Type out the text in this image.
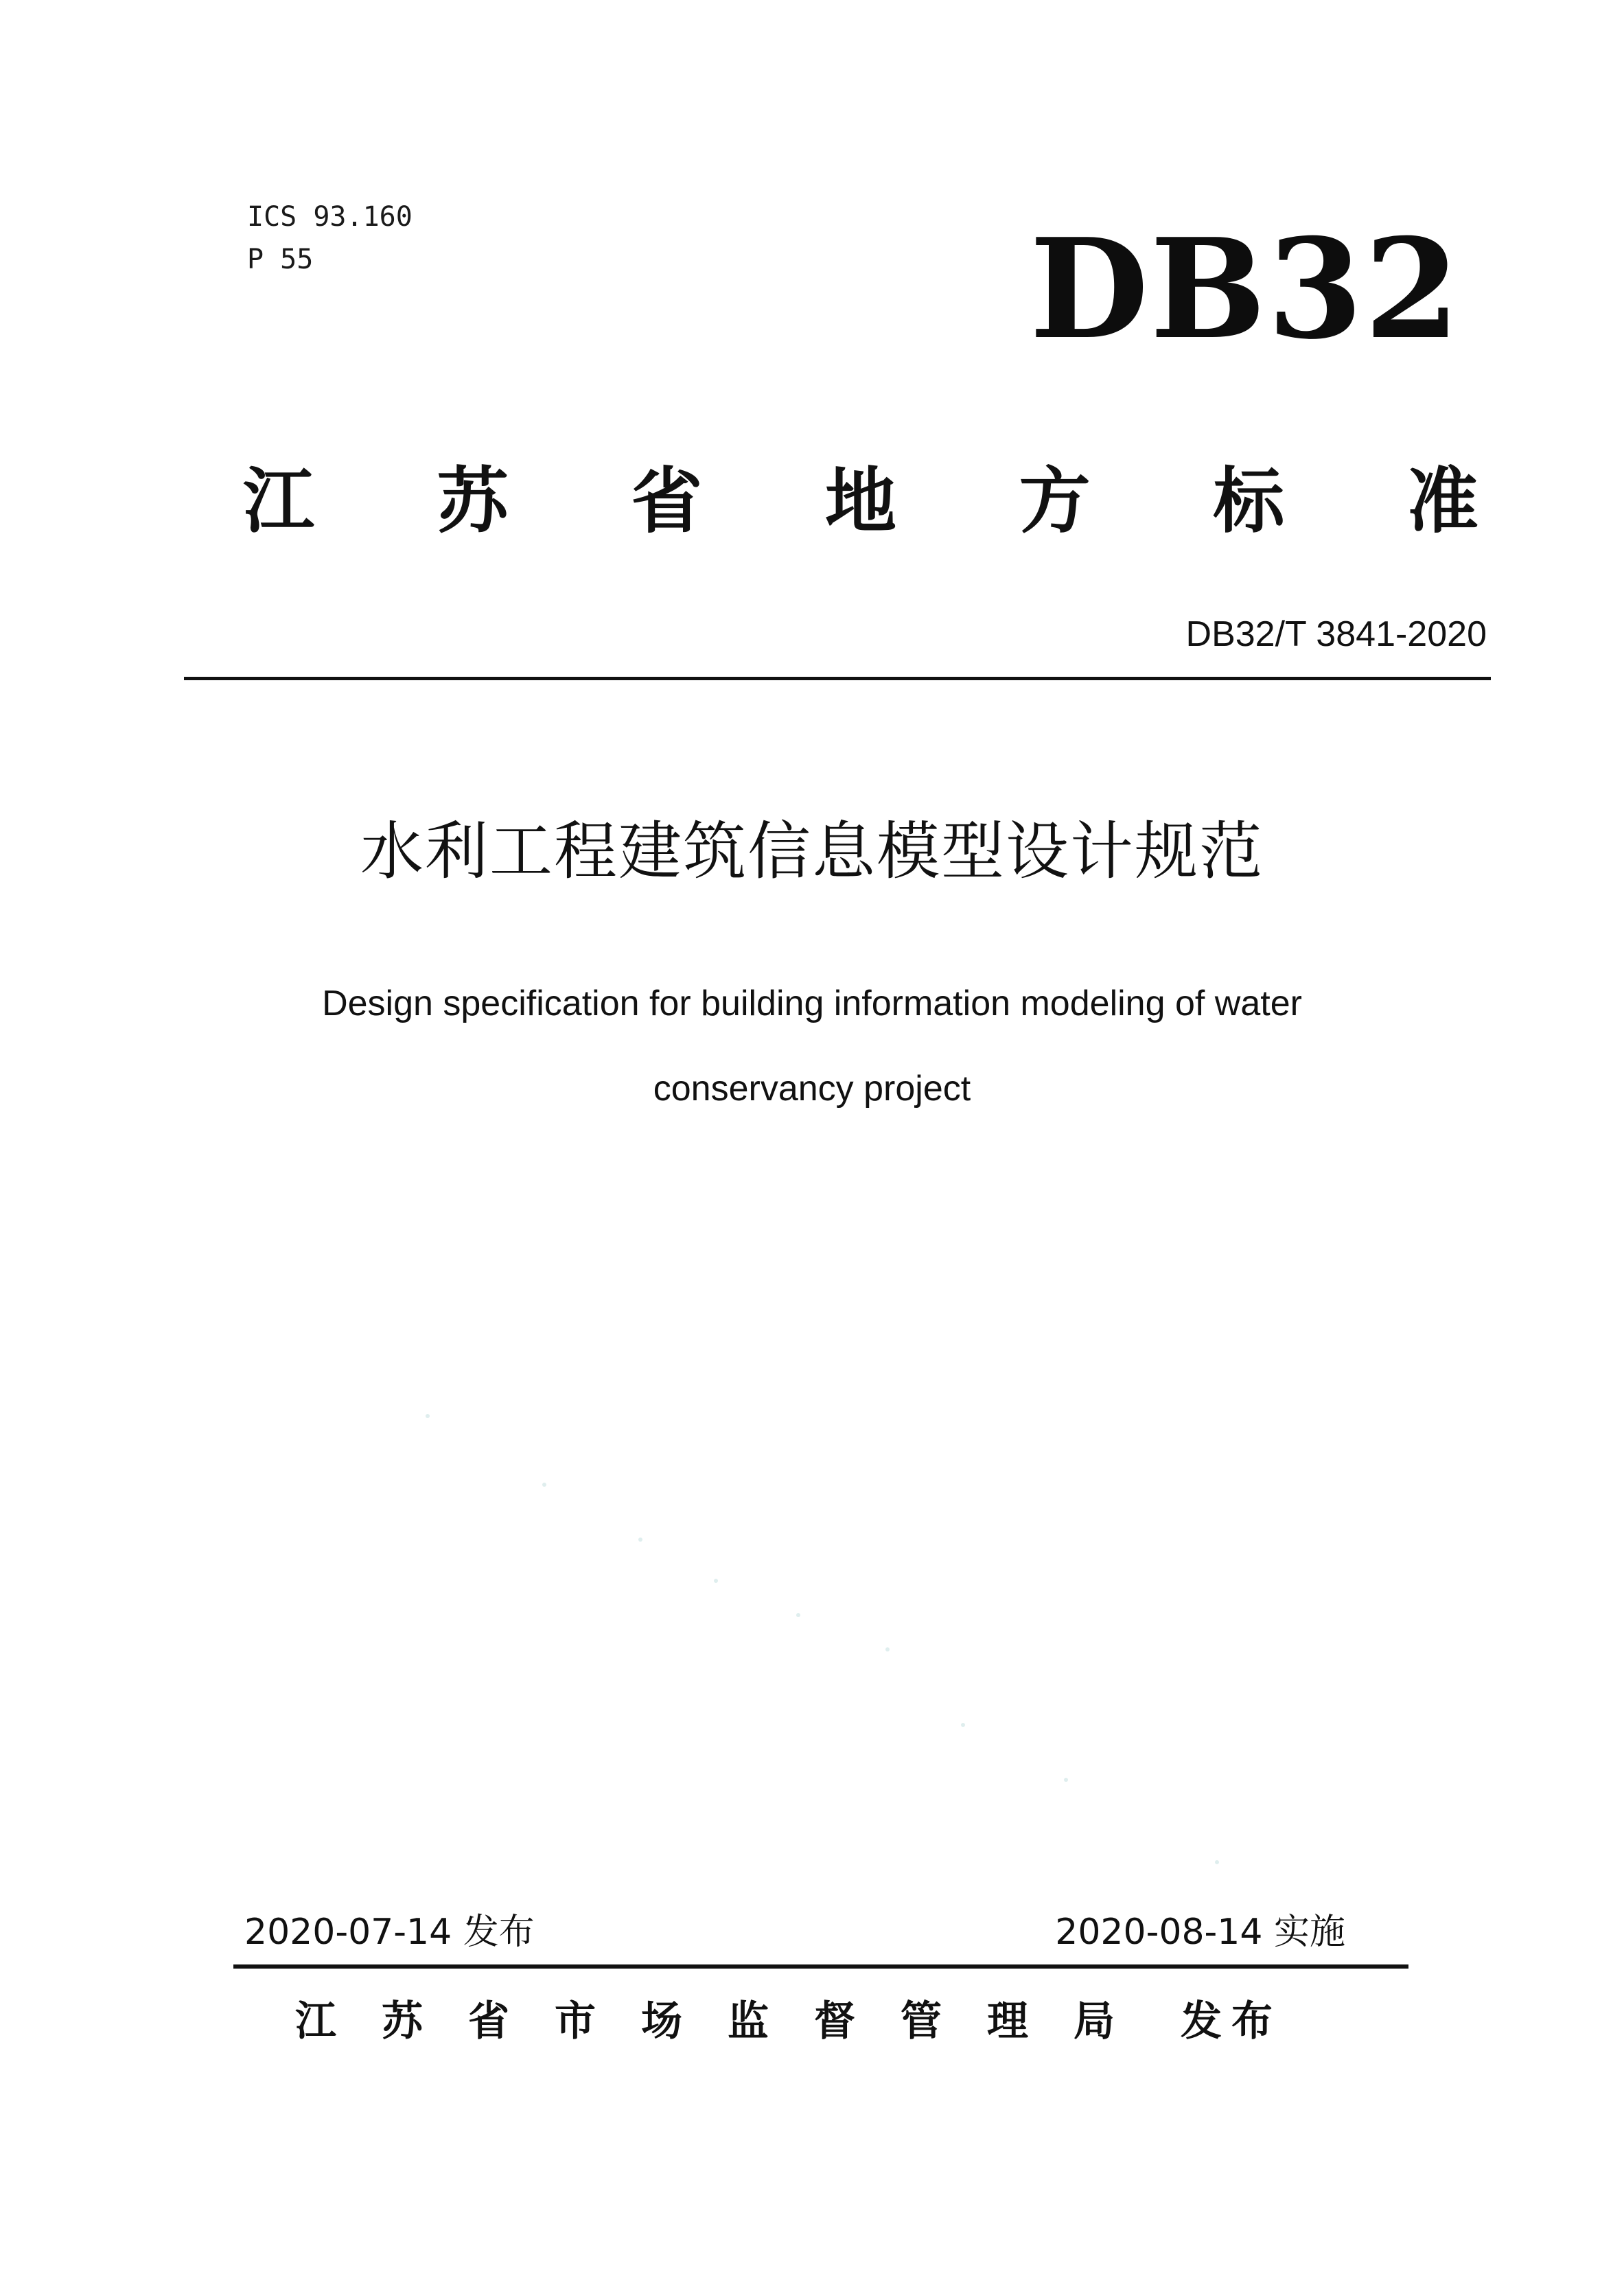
ICS 93.160
P 55	DB32
江 苏 省 地 方 标 准
DB32/T 3841-2020
水利工程建筑信息模型设计规范
Design specification for building information modeling of water
conservancy project
2020-07-14 发布	2020-08-14 实施
江苏省市场监督管理局 发布
